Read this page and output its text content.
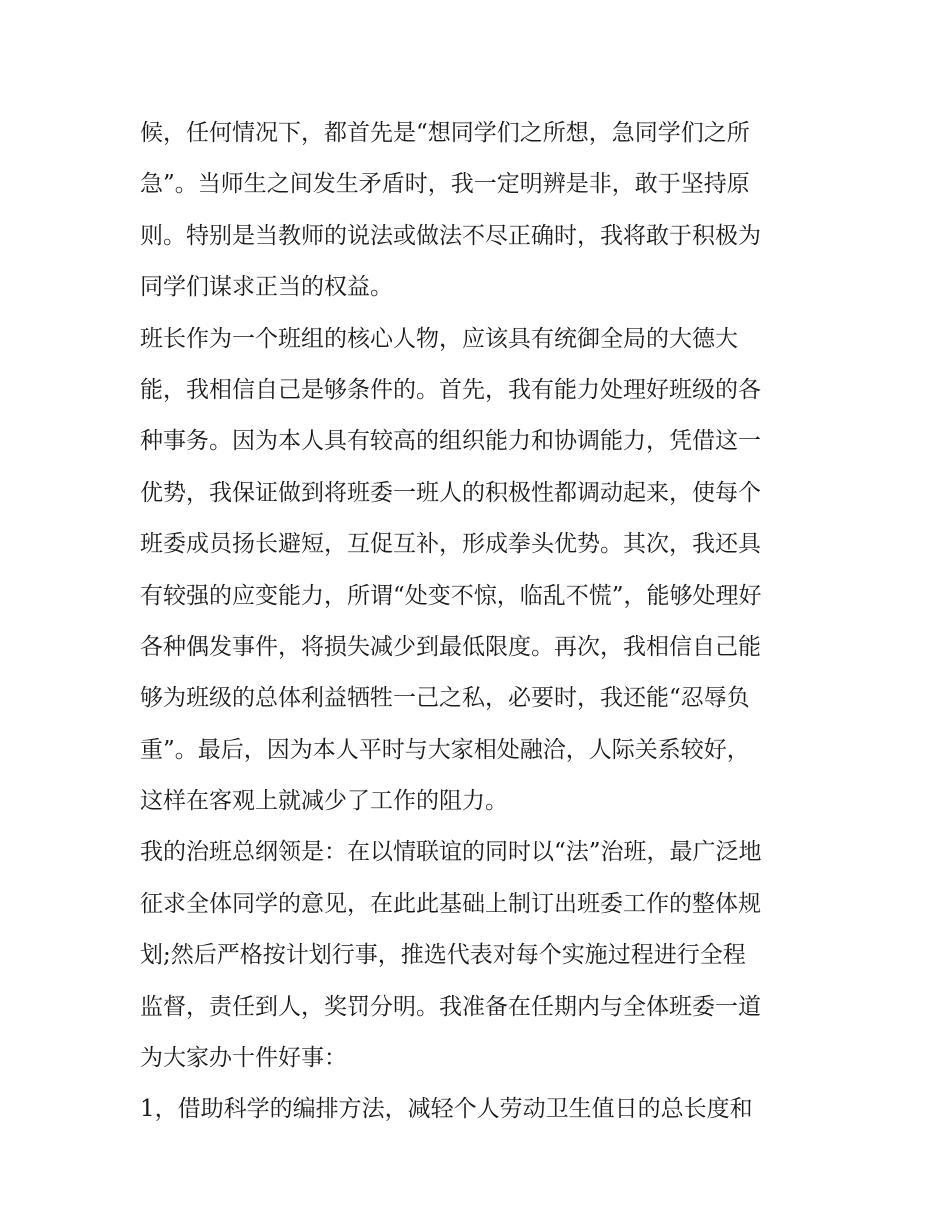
候，任何情况下，都首先是“想同学们之所想，急同学们之所
急”。当师生之间发生矛盾时，我一定明辨是非，敢于坚持原
则。特别是当教师的说法或做法不尽正确时，我将敢于积极为
同学们谋求正当的权益。
班长作为一个班组的核心人物，应该具有统御全局的大德大
能，我相信自己是够条件的。首先，我有能力处理好班级的各
种事务。因为本人具有较高的组织能力和协调能力，凭借这一
优势，我保证做到将班委一班人的积极性都调动起来，使每个
班委成员扬长避短，互促互补，形成拳头优势。其次，我还具
有较强的应变能力，所谓“处变不惊，临乱不慌”，能够处理好
各种偶发事件，将损失减少到最低限度。再次，我相信自己能
够为班级的总体利益牺牲一己之私，必要时，我还能“忍辱负
重”。最后，因为本人平时与大家相处融洽，人际关系较好，
这样在客观上就减少了工作的阻力。
我的治班总纲领是：在以情联谊的同时以“法”治班，最广泛地
征求全体同学的意见，在此此基础上制订出班委工作的整体规
划;然后严格按计划行事，推选代表对每个实施过程进行全程
监督，责任到人，奖罚分明。我准备在任期内与全体班委一道
为大家办十件好事：
1，借助科学的编排方法，减轻个人劳动卫生值日的总长度和
